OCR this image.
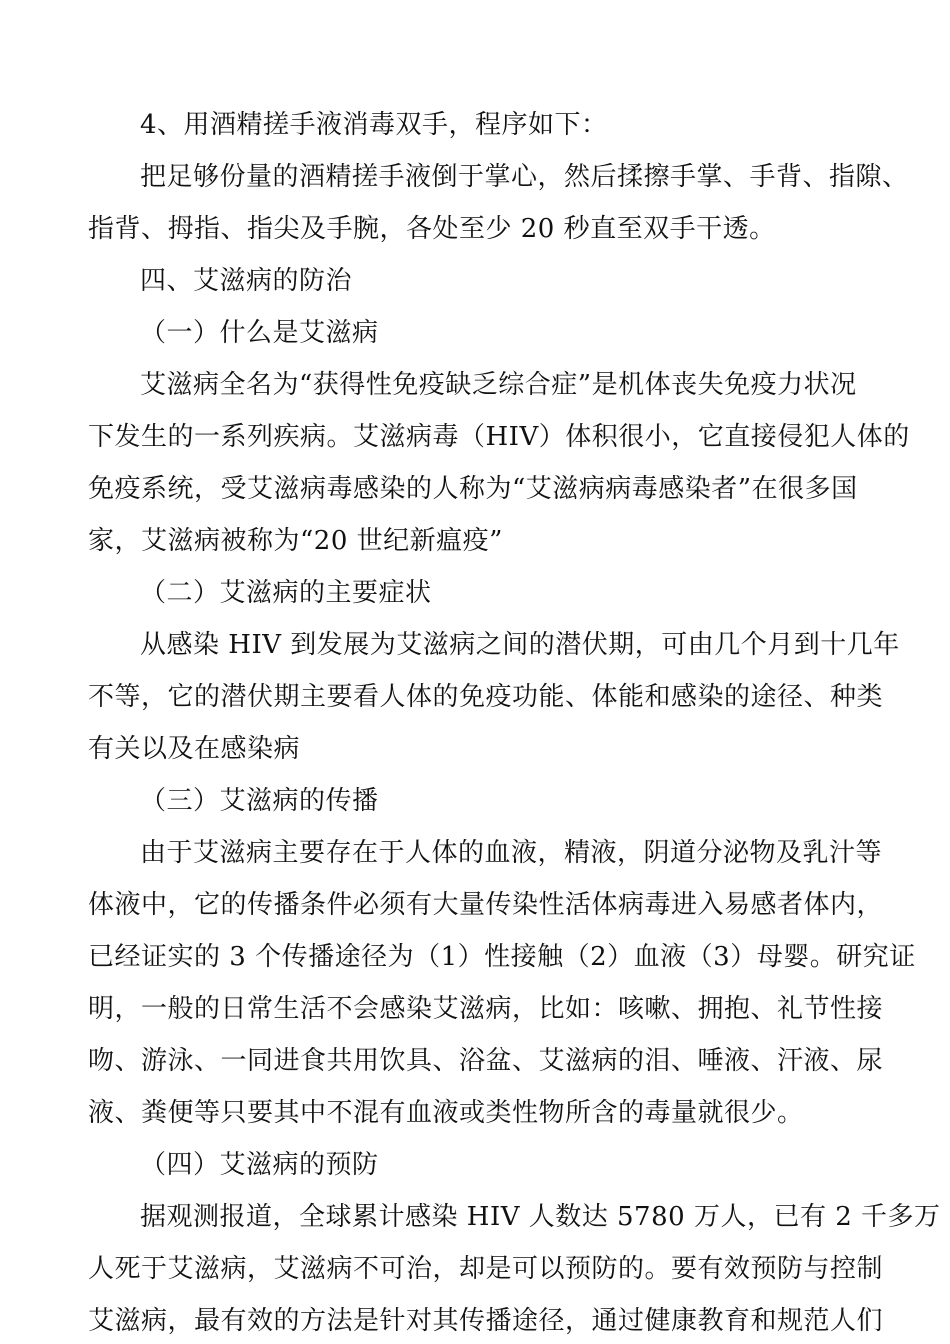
4、用酒精搓手液消毒双手，程序如下：
把足够份量的酒精搓手液倒于掌心，然后揉擦手掌、手背、指隙、
指背、拇指、指尖及手腕，各处至少 20 秒直至双手干透。
四、艾滋病的防治
（一）什么是艾滋病
艾滋病全名为“获得性免疫缺乏综合症”是机体丧失免疫力状况
下发生的一系列疾病。艾滋病毒（HIV）体积很小，它直接侵犯人体的
免疫系统，受艾滋病毒感染的人称为“艾滋病病毒感染者”在很多国
家，艾滋病被称为“20 世纪新瘟疫”
（二）艾滋病的主要症状
从感染 HIV 到发展为艾滋病之间的潜伏期，可由几个月到十几年
不等，它的潜伏期主要看人体的免疫功能、体能和感染的途径、种类
有关以及在感染病
（三）艾滋病的传播
由于艾滋病主要存在于人体的血液，精液，阴道分泌物及乳汁等
体液中，它的传播条件必须有大量传染性活体病毒进入易感者体内，
已经证实的 3 个传播途径为（1）性接触（2）血液（3）母婴。研究证
明，一般的日常生活不会感染艾滋病，比如：咳嗽、拥抱、礼节性接
吻、游泳、一同进食共用饮具、浴盆、艾滋病的泪、唾液、汗液、尿
液、粪便等只要其中不混有血液或类性物所含的毒量就很少。
（四）艾滋病的预防
据观测报道，全球累计感染 HIV 人数达 5780 万人，已有 2 千多万
人死于艾滋病，艾滋病不可治，却是可以预防的。要有效预防与控制
艾滋病，最有效的方法是针对其传播途径，通过健康教育和规范人们
